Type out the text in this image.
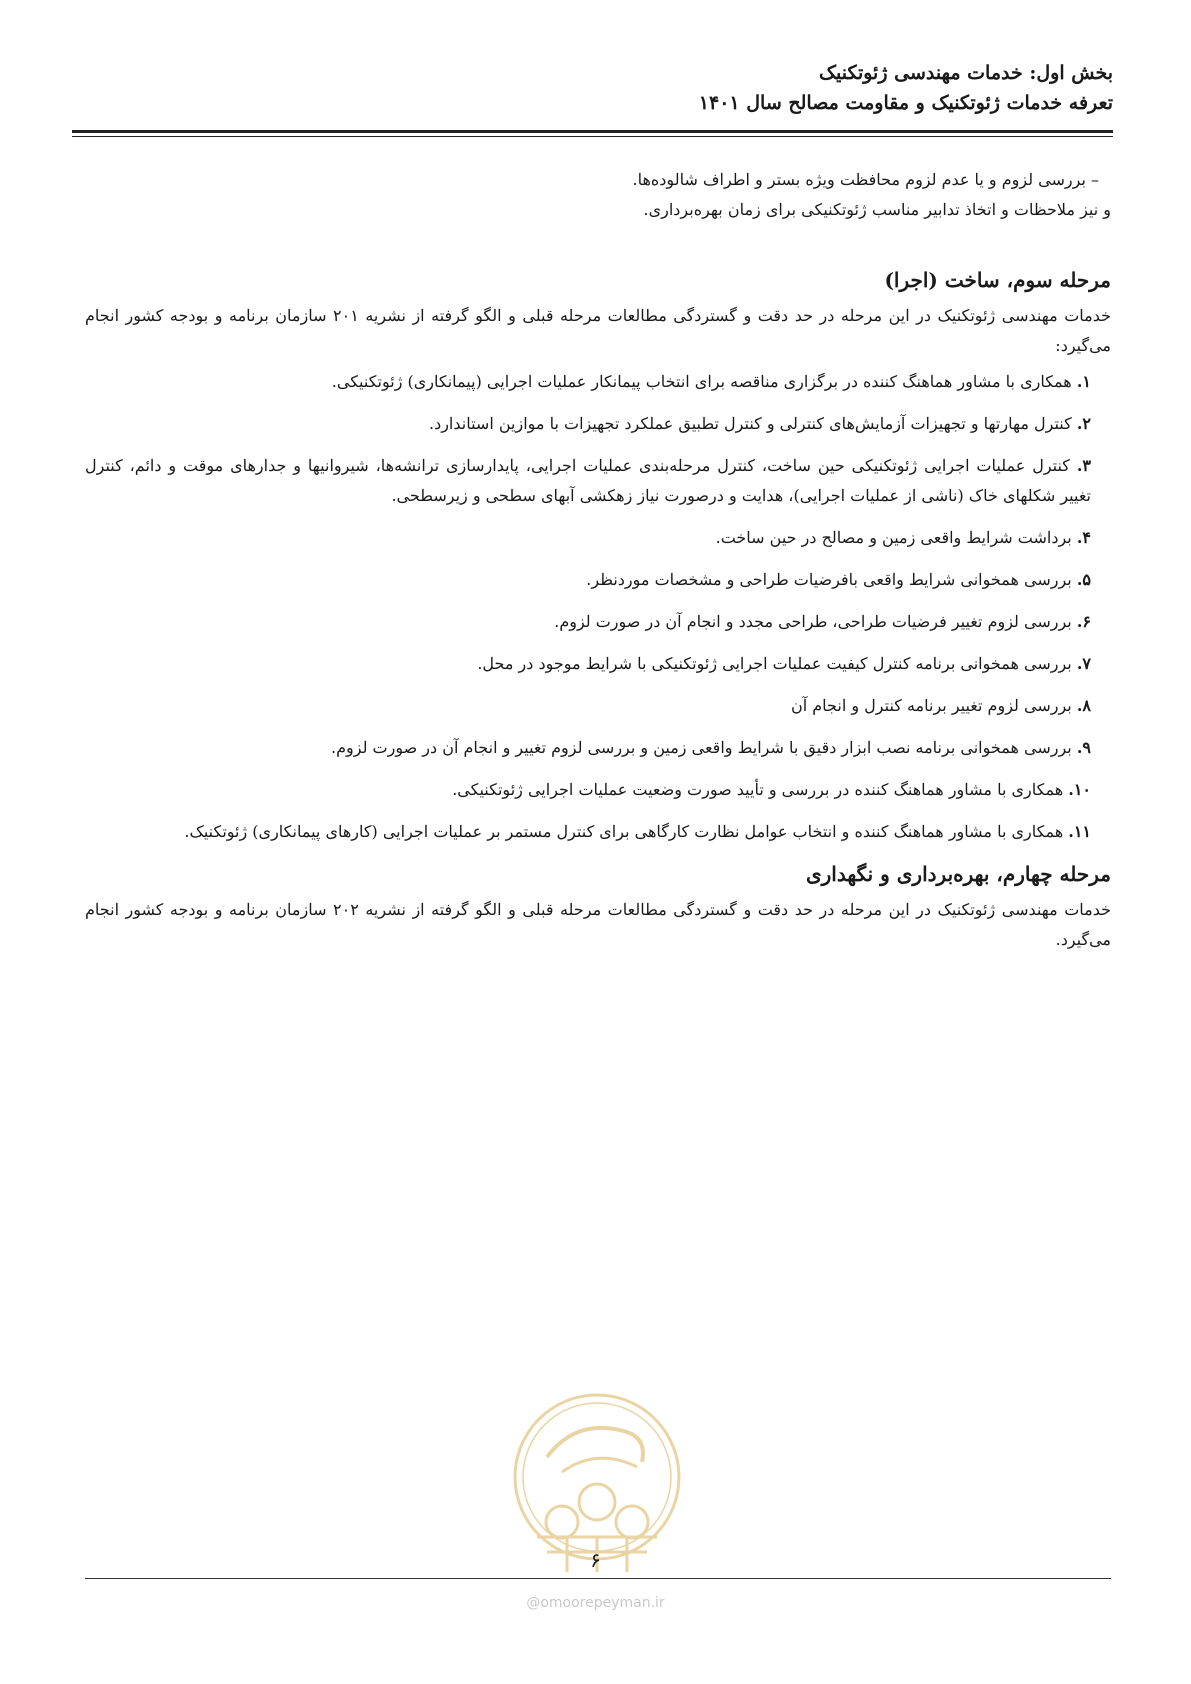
بخش اول: خدمات مهندسی ژئوتکنیک
تعرفه خدمات ژئوتکنیک و مقاومت مصالح سال ۱۴۰۱

– بررسی لزوم و یا عدم لزوم محافظت ویژه بستر و اطراف شالوده‌ها.

و نیز ملاحظات و اتخاذ تدابیر مناسب ژئوتکنیکی برای زمان بهره‌برداری.

مرحله سوم، ساخت (اجرا)

خدمات مهندسی ژئوتکنیک در این مرحله در حد دقت و گستردگی مطالعات مرحله قبلی و الگو گرفته از نشریه ۲۰۱ سازمان برنامه و بودجه کشور انجام می‌گیرد:

۱. همکاری با مشاور هماهنگ کننده در برگزاری مناقصه برای انتخاب پیمانکار عملیات اجرایی (پیمانکاری) ژئوتکنیکی.
۲. کنترل مهارتها و تجهیزات آزمایش‌های کنترلی و کنترل تطبیق عملکرد تجهیزات با موازین استاندارد.
۳. کنترل عملیات اجرایی ژئوتکنیکی حین ساخت، کنترل مرحله‌بندی عملیات اجرایی، پایدارسازی ترانشه‌ها، شیروانیها و جدارهای موقت و دائم، کنترل تغییر شکلهای خاک (ناشی از عملیات اجرایی)، هدایت و درصورت نیاز زهکشی آبهای سطحی و زیرسطحی.
۴. برداشت شرایط واقعی زمین و مصالح در حین ساخت.
۵. بررسی همخوانی شرایط واقعی بافرضیات طراحی و مشخصات موردنظر.
۶. بررسی لزوم تغییر فرضیات طراحی، طراحی مجدد و انجام آن در صورت لزوم.
۷. بررسی همخوانی برنامه کنترل کیفیت عملیات اجرایی ژئوتکنیکی با شرایط موجود در محل.
۸. بررسی لزوم تغییر برنامه کنترل و انجام آن
۹. بررسی همخوانی برنامه نصب ابزار دقیق با شرایط واقعی زمین و بررسی لزوم تغییر و انجام آن در صورت لزوم.
۱۰. همکاری با مشاور هماهنگ کننده در بررسی و تأیید صورت وضعیت عملیات اجرایی ژئوتکنیکی.
۱۱. همکاری با مشاور هماهنگ کننده و انتخاب عوامل نظارت کارگاهی برای کنترل مستمر بر عملیات اجرایی (کارهای پیمانکاری) ژئوتکنیک.
مرحله چهارم، بهره‌برداری و نگهداری

خدمات مهندسی ژئوتکنیک در این مرحله در حد دقت و گستردگی مطالعات مرحله قبلی و الگو گرفته از نشریه ۲۰۲ سازمان برنامه و بودجه کشور انجام می‌گیرد.

۶
@omoorepeyman.ir
